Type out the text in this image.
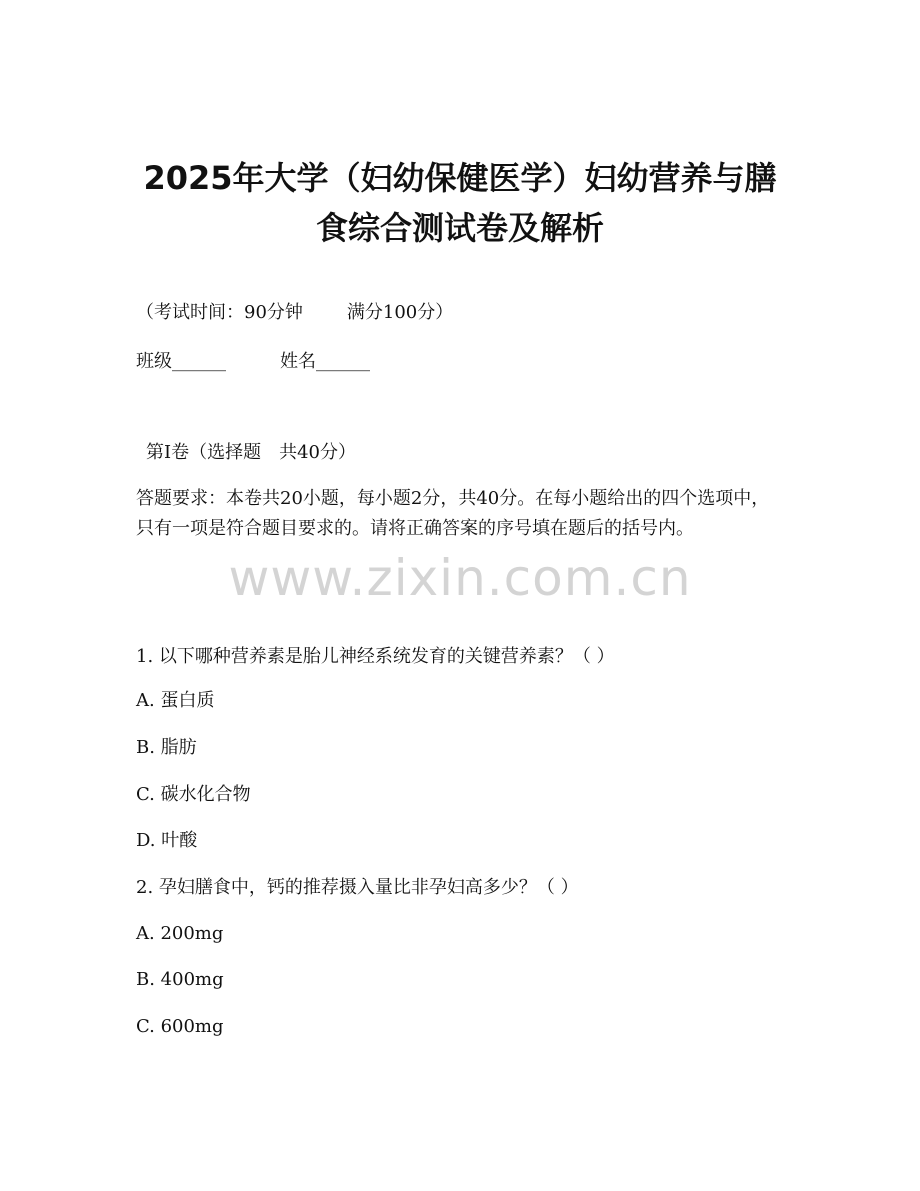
2025年大学（妇幼保健医学）妇幼营养与膳
食综合测试卷及解析
（考试时间：90分钟 满分100分）
班级______	姓名______
第Ⅰ卷（选择题　共40分）
答题要求：本卷共20小题，每小题2分，共40分。在每小题给出的四个选项中，只有一项是符合题目要求的。请将正确答案的序号填在题后的括号内。
www.zixin.com.cn
1. 以下哪种营养素是胎儿神经系统发育的关键营养素？（ ）
A. 蛋白质
B. 脂肪
C. 碳水化合物
D. 叶酸
2. 孕妇膳食中，钙的推荐摄入量比非孕妇高多少？（ ）
A. 200mg
B. 400mg
C. 600mg
